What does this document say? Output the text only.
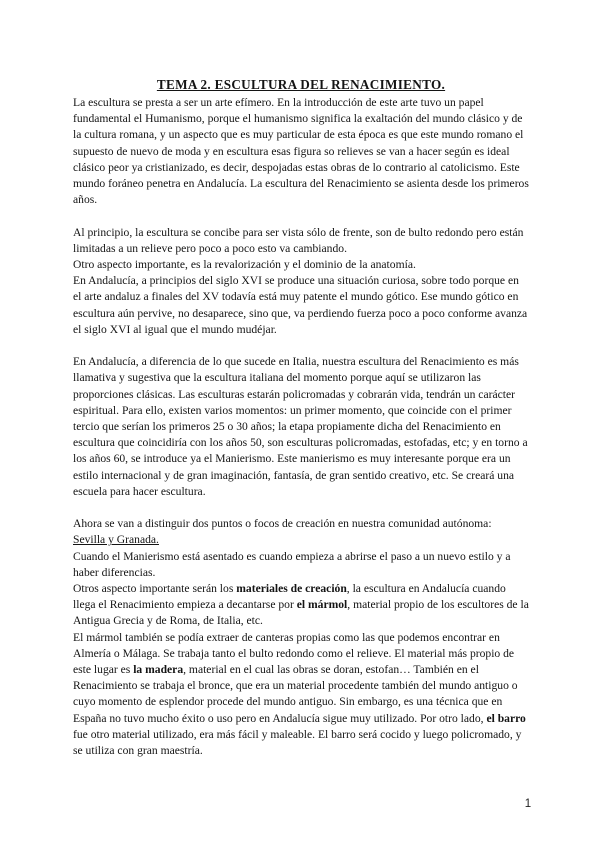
TEMA 2. ESCULTURA DEL RENACIMIENTO.

La escultura se presta a ser un arte efímero. En la introducción de este arte tuvo un papel fundamental el Humanismo, porque el humanismo significa la exaltación del mundo clásico y de la cultura romana, y un aspecto que es muy particular de esta época es que este mundo romano el supuesto de nuevo de moda y en escultura esas figura so relieves se van a hacer según es ideal clásico peor ya cristianizado, es decir, despojadas estas obras de lo contrario al catolicismo. Este mundo foráneo penetra en Andalucía. La escultura del Renacimiento se asienta desde los primeros años.

Al principio, la escultura se concibe para ser vista sólo de frente, son de bulto redondo pero están limitadas a un relieve pero poco a poco esto va cambiando.

Otro aspecto importante, es la revalorización y el dominio de la anatomía.

En Andalucía, a principios del siglo XVI se produce una situación curiosa, sobre todo porque en el arte andaluz a finales del XV todavía está muy patente el mundo gótico. Ese mundo gótico en escultura aún pervive, no desaparece, sino que, va perdiendo fuerza poco a poco conforme avanza el siglo XVI al igual que el mundo mudéjar.

En Andalucía, a diferencia de lo que sucede en Italia, nuestra escultura del Renacimiento es más llamativa y sugestiva que la escultura italiana del momento porque aquí se utilizaron las proporciones clásicas. Las esculturas estarán policromadas y cobrarán vida, tendrán un carácter espiritual. Para ello, existen varios momentos: un primer momento, que coincide con el primer tercio que serían los primeros 25 o 30 años; la etapa propiamente dicha del Renacimiento en escultura que coincidiría con los años 50, son esculturas policromadas, estofadas, etc; y en torno a los años 60, se introduce ya el Manierismo. Este manierismo es muy interesante porque era un estilo internacional y de gran imaginación, fantasía, de gran sentido creativo, etc. Se creará una escuela para hacer escultura.

Ahora se van a distinguir dos puntos o focos de creación en nuestra comunidad autónoma:
Sevilla y Granada.

Cuando el Manierismo está asentado es cuando empieza a abrirse el paso a un nuevo estilo y a haber diferencias.

Otros aspecto importante serán los materiales de creación, la escultura en Andalucía cuando llega el Renacimiento empieza a decantarse por el mármol, material propio de los escultores de la Antigua Grecia y de Roma, de Italia, etc.

El mármol también se podía extraer de canteras propias como las que podemos encontrar en Almería o Málaga. Se trabaja tanto el bulto redondo como el relieve. El material más propio de este lugar es la madera, material en el cual las obras se doran, estofan… También en el Renacimiento se trabaja el bronce, que era un material procedente también del mundo antiguo o cuyo momento de esplendor procede del mundo antiguo. Sin embargo, es una técnica que en España no tuvo mucho éxito o uso pero en Andalucía sigue muy utilizado. Por otro lado, el barro fue otro material utilizado, era más fácil y maleable. El barro será cocido y luego policromado, y se utiliza con gran maestría.

1
